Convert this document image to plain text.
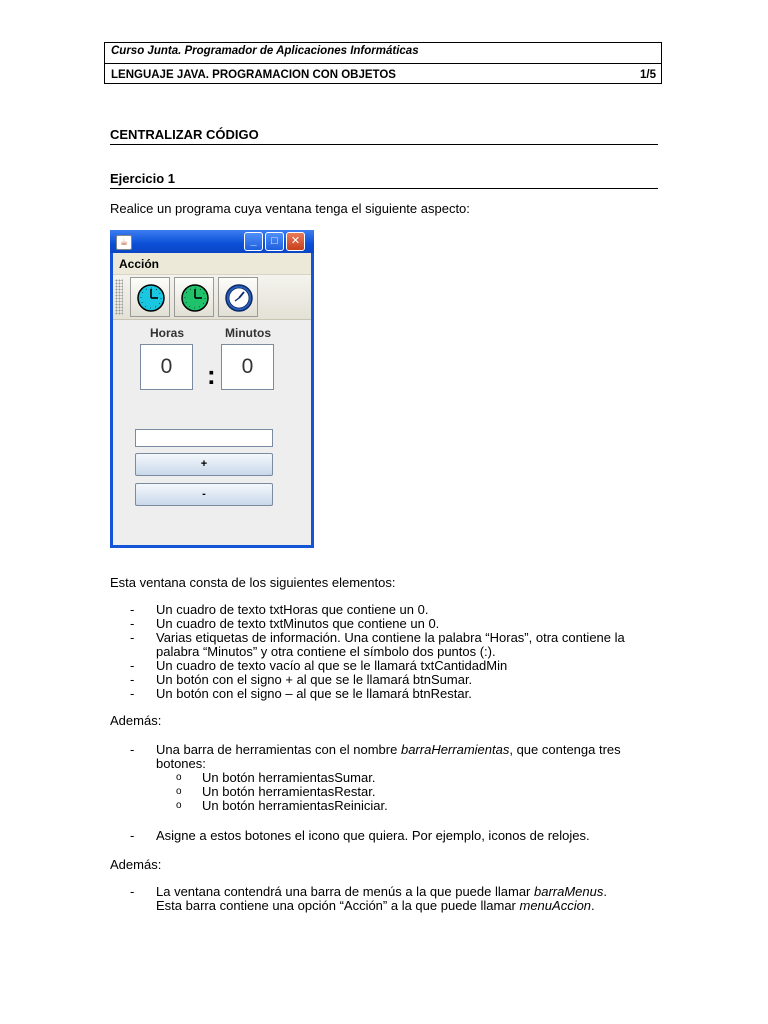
Curso Junta. Programador de Aplicaciones Informáticas
LENGUAJE JAVA. PROGRAMACION CON OBJETOS	1/5
CENTRALIZAR CÓDIGO
Ejercicio 1
Realice un programa cuya ventana tenga el siguiente aspecto:
☕	_	□	✕
Acción
Horas	Minutos
0	:	0
+
-
Esta ventana consta de los siguientes elementos:
- Un cuadro de texto txtHoras que contiene un 0.
- Un cuadro de texto txtMinutos que contiene un 0.
- Varias etiquetas de información. Una contiene la palabra “Horas”, otra contiene la palabra “Minutos” y otra contiene el símbolo dos puntos (:).
- Un cuadro de texto vacío al que se le llamará txtCantidadMin
- Un botón con el signo + al que se le llamará btnSumar.
- Un botón con el signo – al que se le llamará btnRestar.
Además:
- Una barra de herramientas con el nombre barraHerramientas, que contenga tres botones:
o Un botón herramientasSumar.
o Un botón herramientasRestar.
o Un botón herramientasReiniciar.
- Asigne a estos botones el icono que quiera. Por ejemplo, iconos de relojes.
Además:
- La ventana contendrá una barra de menús a la que puede llamar barraMenus. Esta barra contiene una opción “Acción” a la que puede llamar menuAccion.
